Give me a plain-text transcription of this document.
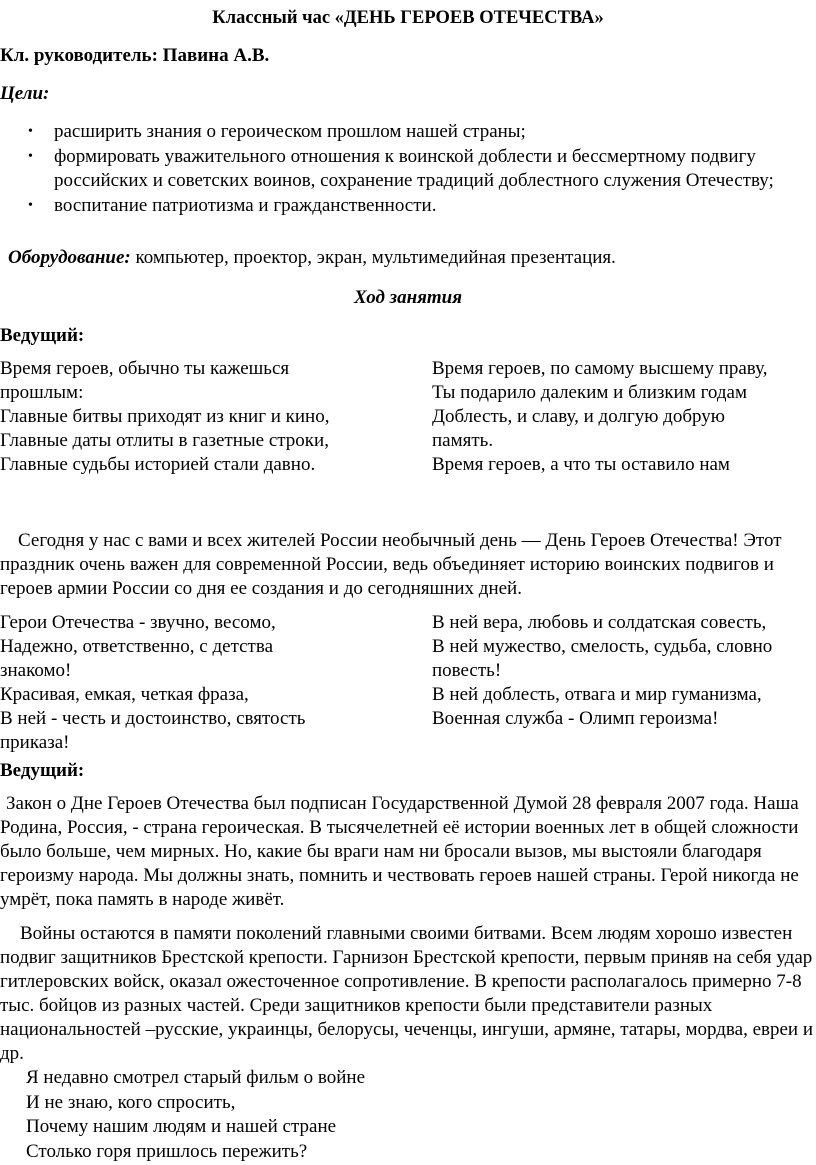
Классный час «ДЕНЬ ГЕРОЕВ ОТЕЧЕСТВА»
Кл. руководитель: Павина А.В.
Цели:
• расширить знания о героическом прошлом нашей страны;
• формировать уважительного отношения к воинской доблести и бессмертному подвигу российских и советских воинов, сохранение традиций доблестного служения Отечеству;
• воспитание патриотизма и гражданственности.
Оборудование: компьютер, проектор, экран, мультимедийная презентация.
Ход занятия
Ведущий:
Время героев, обычно ты кажешься
прошлым:
Главные битвы приходят из книг и кино,
Главные даты отлиты в газетные строки,
Главные судьбы историей стали давно.
Время героев, по самому высшему праву,
Ты подарило далеким и близким годам
Доблесть, и славу, и долгую добрую
память.
Время героев, а что ты оставило нам

Сегодня у нас с вами и всех жителей России необычный день — День Героев Отечества! Этот праздник очень важен для современной России, ведь объединяет историю воинских подвигов и героев армии России со дня ее создания и до сегодняшних дней.

Герои Отечества - звучно, весомо,
Надежно, ответственно, с детства
знакомо!
Красивая, емкая, четкая фраза,
В ней - честь и достоинство, святость
приказа!
В ней вера, любовь и солдатская совесть,
В ней мужество, смелость, судьба, словно
повесть!
В ней доблесть, отвага и мир гуманизма,
Военная служба - Олимп героизма!
Ведущий:

Закон о Дне Героев Отечества был подписан Государственной Думой 28 февраля 2007 года. Наша Родина, Россия, - страна героическая. В тысячелетней её истории военных лет в общей сложности было больше, чем мирных. Но, какие бы враги нам ни бросали вызов, мы выстояли благодаря героизму народа. Мы должны знать, помнить и чествовать героев нашей страны. Герой никогда не умрёт, пока память в народе живёт.

Войны остаются в памяти поколений главными своими битвами. Всем людям хорошо известен подвиг защитников Брестской крепости. Гарнизон Брестской крепости, первым приняв на себя удар гитлеровских войск, оказал ожесточенное сопротивление. В крепости располагалось примерно 7-8 тыс. бойцов из разных частей. Среди защитников крепости были представители разных национальностей –русские, украинцы, белорусы, чеченцы, ингуши, армяне, татары, мордва, евреи и др.

Я недавно смотрел старый фильм о войне
И не знаю, кого спросить,
Почему нашим людям и нашей стране
Столько горя пришлось пережить?
